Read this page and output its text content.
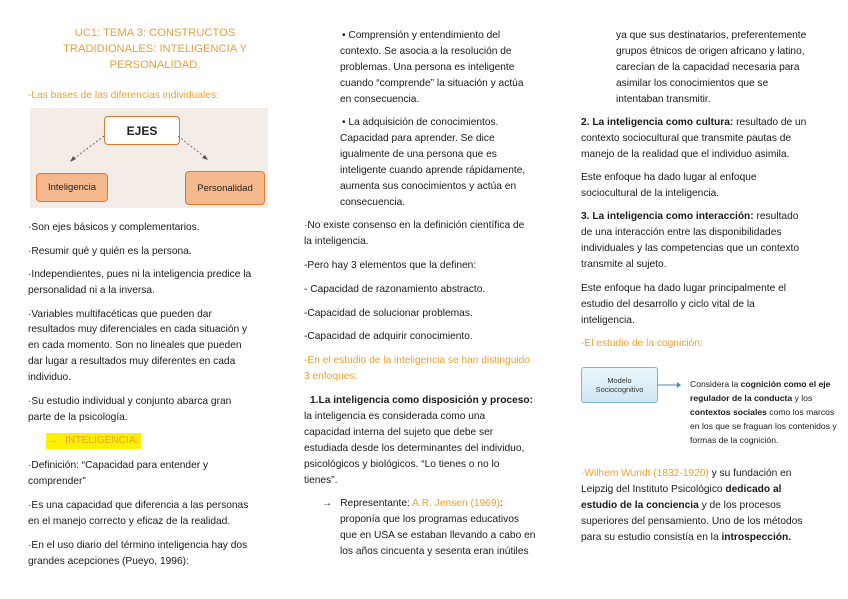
UC1: TEMA 3: CONSTRUCTOS
TRADIDIONALES: INTELIGENCIA Y
PERSONALIDAD.
-Las bases de las diferencias individuales:
EJES
Inteligencia	Personalidad
·Son ejes básicos y complementarios.
·Resumir qué y quién es la persona.
·Independientes, pues ni la inteligencia predice la
personalidad ni a la inversa.
·Variables multifacéticas que pueden dar
resultados muy diferenciales en cada situación y
en cada momento. Son no lineales que pueden
dar lugar a resultados muy diferentes en cada
individuo.
·Su estudio individual y conjunto abarca gran
parte de la psicología.
→ INTELIGENCIA:
·Definición: “Capacidad para entender y
comprender”
·Es una capacidad que diferencia a las personas
en el manejo correcto y eficaz de la realidad.
·En el uso diario del término inteligencia hay dos
grandes acepciones (Pueyo, 1996):
• Comprensión y entendimiento del
contexto. Se asocia a la resolución de
problemas. Una persona es inteligente
cuando “comprende” la situación y actúa
en consecuencia.
• La adquisición de conocimientos.
Capacidad para aprender. Se dice
igualmente de una persona que es
inteligente cuando aprende rápidamente,
aumenta sus conocimientos y actúa en
consecuencia.
·No existe consenso en la definición científica de
la inteligencia.
-Pero hay 3 elementos que la definen:
- Capacidad de razonamiento abstracto.
-Capacidad de solucionar problemas.
-Capacidad de adquirir conocimiento.
-En el estudio de la inteligencia se han distinguido
3 enfoques:
1.La inteligencia como disposición y proceso:
la inteligencia es considerada como una
capacidad interna del sujeto que debe ser
estudiada desde los determinantes del individuo,
psicológicos y biológicos. “Lo tienes o no lo
tienes”.
→ Representante: A.R. Jensen (1969):
proponía que los programas educativos
que en USA se estaban llevando a cabo en
los años cincuenta y sesenta eran inútiles
ya que sus destinatarios, preferentemente
grupos étnicos de origen africano y latino,
carecían de la capacidad necesaria para
asimilar los conocimientos que se
intentaban transmitir.
2. La inteligencia como cultura: resultado de un
contexto sociocultural que transmite pautas de
manejo de la realidad que el individuo asimila.
Este enfoque ha dado lugar al enfoque
sociocultural de la inteligencia.
3. La inteligencia como interacción: resultado
de una interacción entre las disponibilidades
individuales y las competencias que un contexto
transmite al sujeto.
Este enfoque ha dado lugar principalmente el
estudio del desarrollo y ciclo vital de la
inteligencia.
-El estudio de la cognición:
Modelo
Sociocognitivo
Considera la cognición como el eje
regulador de la conducta y los
contextos sociales como los marcos
en los que se fraguan los contenidos y
formas de la cognición.
·Wilhem Wundt (1832-1920) y su fundación en
Leipzig del Instituto Psicológico dedicado al
estudio de la conciencia y de los procesos
superiores del pensamiento. Uno de los métodos
para su estudio consistía en la introspección.
